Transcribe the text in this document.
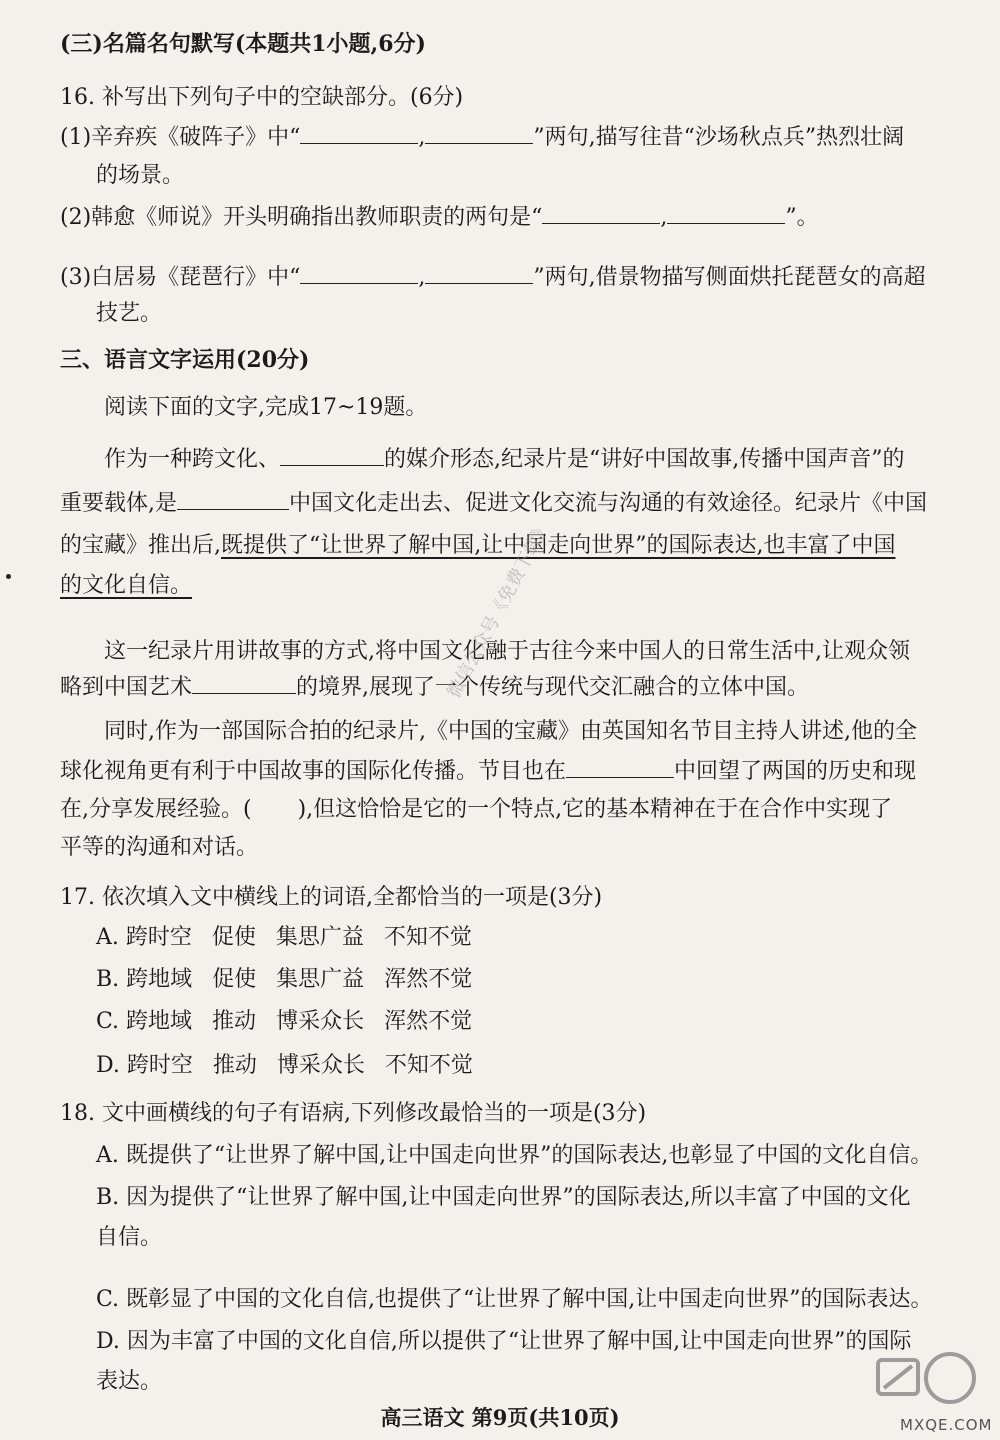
(三)名篇名句默写(本题共1小题,6分)
16. 补写出下列句子中的空缺部分。(6分)
(1)辛弃疾《破阵子》中“	,	”两句,描写往昔“沙场秋点兵”热烈壮阔
的场景。
(2)韩愈《师说》开头明确指出教师职责的两句是“	,	”。
(3)白居易《琵琶行》中“	,	”两句,借景物描写侧面烘托琵琶女的高超
技艺。
三、语言文字运用(20分)
阅读下面的文字,完成17~19题。
作为一种跨文化、	的媒介形态,纪录片是“讲好中国故事,传播中国声音”的
重要载体,是	中国文化走出去、促进文化交流与沟通的有效途径。纪录片《中国
的宝藏》推出后,既提供了“让世界了解中国,让中国走向世界”的国际表达,也丰富了中国
的文化自信。
这一纪录片用讲故事的方式,将中国文化融于古往今来中国人的日常生活中,让观众领
略到中国艺术	的境界,展现了一个传统与现代交汇融合的立体中国。
同时,作为一部国际合拍的纪录片,《中国的宝藏》由英国知名节目主持人讲述,他的全
球化视角更有利于中国故事的国际化传播。节目也在	中回望了两国的历史和现
在,分享发展经验。( ),但这恰恰是它的一个特点,它的基本精神在于在合作中实现了
平等的沟通和对话。
17. 依次填入文中横线上的词语,全都恰当的一项是(3分)
A. 跨时空 促使 集思广益 不知不觉
B. 跨地域 促使 集思广益 浑然不觉
C. 跨地域 推动 博采众长 浑然不觉
D. 跨时空 推动 博采众长 不知不觉
18. 文中画横线的句子有语病,下列修改最恰当的一项是(3分)
A. 既提供了“让世界了解中国,让中国走向世界”的国际表达,也彰显了中国的文化自信。
B. 因为提供了“让世界了解中国,让中国走向世界”的国际表达,所以丰富了中国的文化
自信。
C. 既彰显了中国的文化自信,也提供了“让世界了解中国,让中国走向世界”的国际表达。
D. 因为丰富了中国的文化自信,所以提供了“让世界了解中国,让中国走向世界”的国际
表达。
微信公众号《免费下载》
高三语文 第9页(共10页)	MXQE.COM
